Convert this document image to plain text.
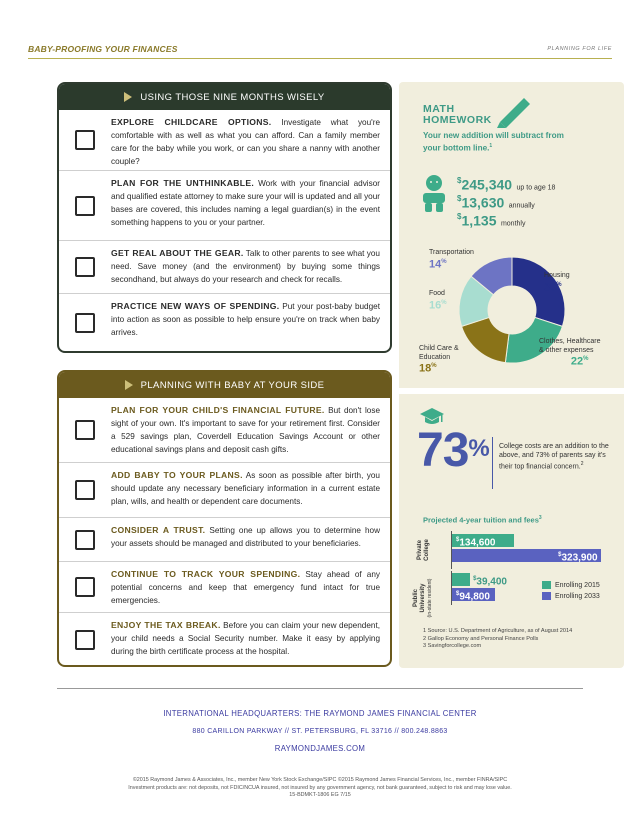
BABY-PROOFING YOUR FINANCES	PLANNING FOR LIFE
USING THOSE NINE MONTHS WISELY
EXPLORE CHILDCARE OPTIONS. Investigate what you're comfortable with as well as what you can afford. Can a family member care for the baby while you work, or can you share a nanny with another couple?
PLAN FOR THE UNTHINKABLE. Work with your financial advisor and qualified estate attorney to make sure your will is updated and all your bases are covered, this includes naming a legal guardian(s) in the event something happens to you or your partner.
GET REAL ABOUT THE GEAR. Talk to other parents to see what you need. Save money (and the environment) by buying some things secondhand, but always do your research and check for recalls.
PRACTICE NEW WAYS OF SPENDING. Put your post-baby budget into action as soon as possible to help ensure you're on track when baby arrives.
PLANNING WITH BABY AT YOUR SIDE
PLAN FOR YOUR CHILD'S FINANCIAL FUTURE. But don't lose sight of your own. It's important to save for your retirement first. Consider a 529 savings plan, Coverdell Education Savings Account or other educational savings plans and deposit cash gifts.
ADD BABY TO YOUR PLANS. As soon as possible after birth, you should update any necessary beneficiary information in a current estate plan, wills, and health or dependent care documents.
CONSIDER A TRUST. Setting one up allows you to determine how your assets should be managed and distributed to your beneficiaries.
CONTINUE TO TRACK YOUR SPENDING. Stay ahead of any potential concerns and keep that emergency fund intact for true emergencies.
ENJOY THE TAX BREAK. Before you can claim your new dependent, your child needs a Social Security number. Make it easy by applying during the birth certificate process at the hospital.
MATH
HOMEWORK
Your new addition will subtract from your bottom line.$^1$
$245,340 up to age 18
$13,630 annually
$1,135 monthly
Transportation
14%
Housing
30%
Food
16%
Child Care &
Education
18%
Clothes, Healthcare
& other expenses
22%
73% College costs are an addition to the above, and 73% of parents say it's their top financial concern.$^2$
Projected 4-year tuition and fees$^3$
Private College
Public University (in-state resident)
$134,600
$323,900
$39,400
$94,800
Enrolling 2015
Enrolling 2033
1 Source: U.S. Department of Agriculture, as of August 2014
2 Gallop Economy and Personal Finance Polls
3 Savingforcollege.com
INTERNATIONAL HEADQUARTERS: THE RAYMOND JAMES FINANCIAL CENTER
880 CARILLON PARKWAY // ST. PETERSBURG, FL 33716 // 800.248.8863
RAYMONDJAMES.COM
©2015 Raymond James & Associates, Inc., member New York Stock Exchange/SIPC ©2015 Raymond James Financial Services, Inc., member FINRA/SIPC
Investment products are: not deposits, not FDIC/NCUA insured, not insured by any government agency, not bank guaranteed, subject to risk and may lose value.
15-BDMKT-1806 EG 7/15
